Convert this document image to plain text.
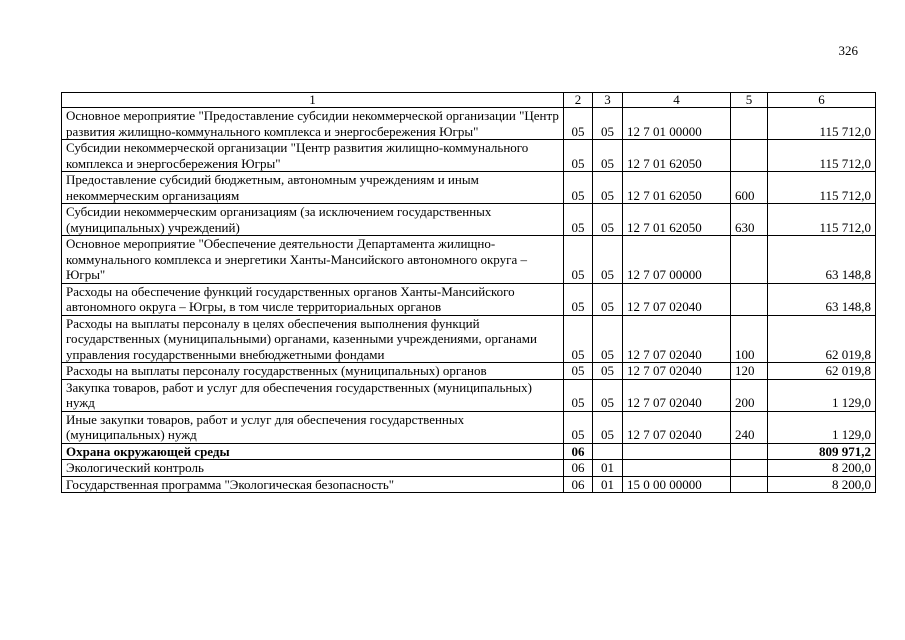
326
1	2	3	4	5	6
Основное мероприятие "Предоставление субсидии некоммерческой организации "Центр развития жилищно-коммунального комплекса и энергосбережения Югры"	05	05	12 7 01 00000		115 712,0
Субсидии некоммерческой организации "Центр развития жилищно-коммунального комплекса и энергосбережения Югры"	05	05	12 7 01 62050		115 712,0
Предоставление субсидий бюджетным, автономным учреждениям и иным некоммерческим организациям	05	05	12 7 01 62050	600	115 712,0
Субсидии некоммерческим организациям (за исключением государственных (муниципальных) учреждений)	05	05	12 7 01 62050	630	115 712,0
Основное мероприятие "Обеспечение деятельности Департамента жилищно-коммунального комплекса и энергетики Ханты-Мансийского автономного округа – Югры"	05	05	12 7 07 00000		63 148,8
Расходы на обеспечение функций государственных органов Ханты-Мансийского автономного округа – Югры, в том числе территориальных органов	05	05	12 7 07 02040		63 148,8
Расходы на выплаты персоналу в целях обеспечения выполнения функций государственных (муниципальными) органами, казенными учреждениями, органами управления государственными внебюджетными фондами	05	05	12 7 07 02040	100	62 019,8
Расходы на выплаты персоналу государственных (муниципальных) органов	05	05	12 7 07 02040	120	62 019,8
Закупка товаров, работ и услуг для обеспечения государственных (муниципальных) нужд	05	05	12 7 07 02040	200	1 129,0
Иные закупки товаров, работ и услуг для обеспечения государственных (муниципальных) нужд	05	05	12 7 07 02040	240	1 129,0
Охрана окружающей среды	06				809 971,2
Экологический контроль	06	01			8 200,0
Государственная программа "Экологическая безопасность"	06	01	15 0 00 00000		8 200,0
